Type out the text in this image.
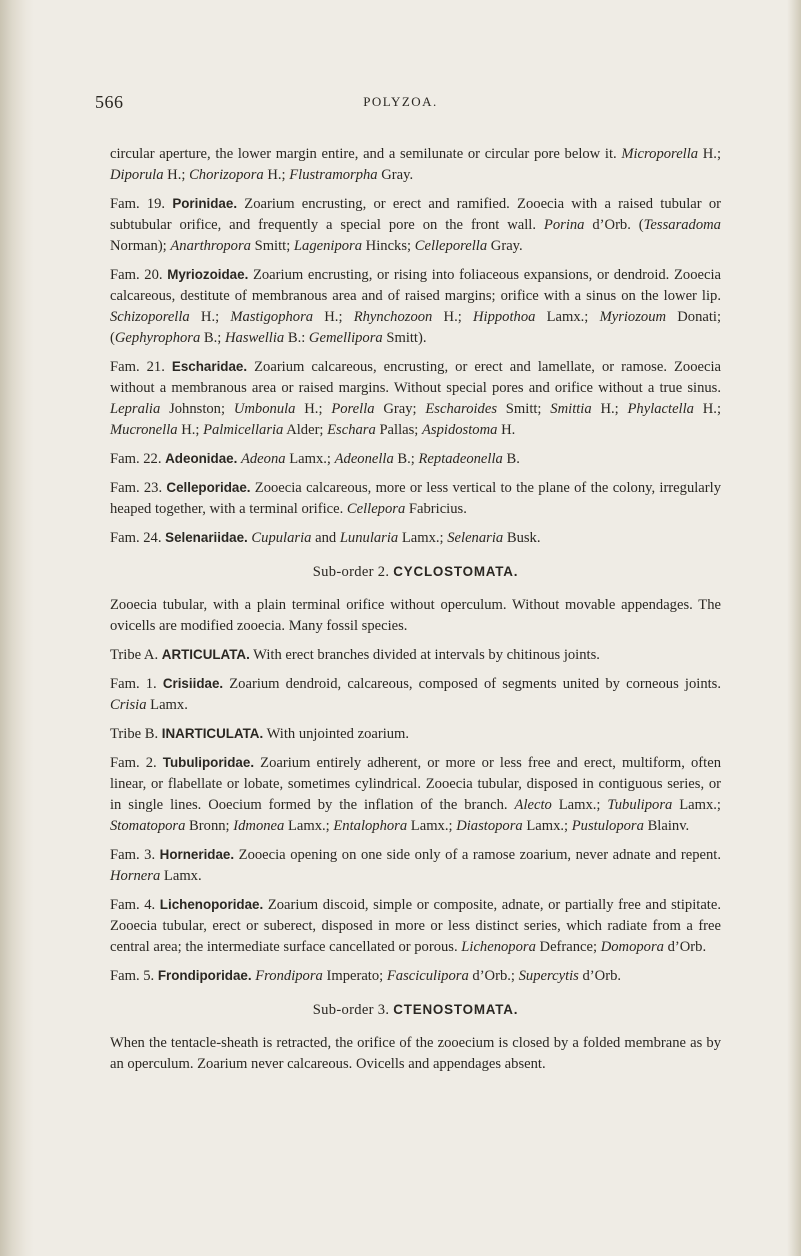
566	POLYZOA.

circular aperture, the lower margin entire, and a semilunate or circular pore below it. Microporella H.; Diporula H.; Chorizopora H.; Flustramorpha Gray.

Fam. 19. Porinidae. Zoarium encrusting, or erect and ramified. Zooecia with a raised tubular or subtubular orifice, and frequently a special pore on the front wall. Porina d’Orb. (Tessaradoma Norman); Anarthropora Smitt; Lagenipora Hincks; Celleporella Gray.

Fam. 20. Myriozoidae. Zoarium encrusting, or rising into foliaceous expansions, or dendroid. Zooecia calcareous, destitute of membranous area and of raised margins; orifice with a sinus on the lower lip. Schizoporella H.; Mastigophora H.; Rhynchozoon H.; Hippothoa Lamx.; Myriozoum Donati; (Gephyrophora B.; Haswellia B.: Gemellipora Smitt).

Fam. 21. Escharidae. Zoarium calcareous, encrusting, or erect and lamellate, or ramose. Zooecia without a membranous area or raised margins. Without special pores and orifice without a true sinus. Lepralia Johnston; Umbonula H.; Porella Gray; Escharoides Smitt; Smittia H.; Phylactella H.; Mucronella H.; Palmicellaria Alder; Eschara Pallas; Aspidostoma H.

Fam. 22. Adeonidae. Adeona Lamx.; Adeonella B.; Reptadeonella B.

Fam. 23. Celleporidae. Zooecia calcareous, more or less vertical to the plane of the colony, irregularly heaped together, with a terminal orifice. Cellepora Fabricius.

Fam. 24. Selenariidae. Cupularia and Lunularia Lamx.; Selenaria Busk.

Sub-order 2. CYCLOSTOMATA.

Zooecia tubular, with a plain terminal orifice without operculum. Without movable appendages. The ovicells are modified zooecia. Many fossil species.

Tribe A. ARTICULATA. With erect branches divided at intervals by chitinous joints.

Fam. 1. Crisiidae. Zoarium dendroid, calcareous, composed of segments united by corneous joints. Crisia Lamx.

Tribe B. INARTICULATA. With unjointed zoarium.

Fam. 2. Tubuliporidae. Zoarium entirely adherent, or more or less free and erect, multiform, often linear, or flabellate or lobate, sometimes cylindrical. Zooecia tubular, disposed in contiguous series, or in single lines. Ooecium formed by the inflation of the branch. Alecto Lamx.; Tubulipora Lamx.; Stomatopora Bronn; Idmonea Lamx.; Entalophora Lamx.; Diastopora Lamx.; Pustulopora Blainv.

Fam. 3. Horneridae. Zooecia opening on one side only of a ramose zoarium, never adnate and repent. Hornera Lamx.

Fam. 4. Lichenoporidae. Zoarium discoid, simple or composite, adnate, or partially free and stipitate. Zooecia tubular, erect or suberect, disposed in more or less distinct series, which radiate from a free central area; the intermediate surface cancellated or porous. Lichenopora Defrance; Domopora d’Orb.

Fam. 5. Frondiporidae. Frondipora Imperato; Fasciculipora d’Orb.; Supercytis d’Orb.

Sub-order 3. CTENOSTOMATA.

When the tentacle-sheath is retracted, the orifice of the zooecium is closed by a folded membrane as by an operculum. Zoarium never calcareous. Ovicells and appendages absent.
